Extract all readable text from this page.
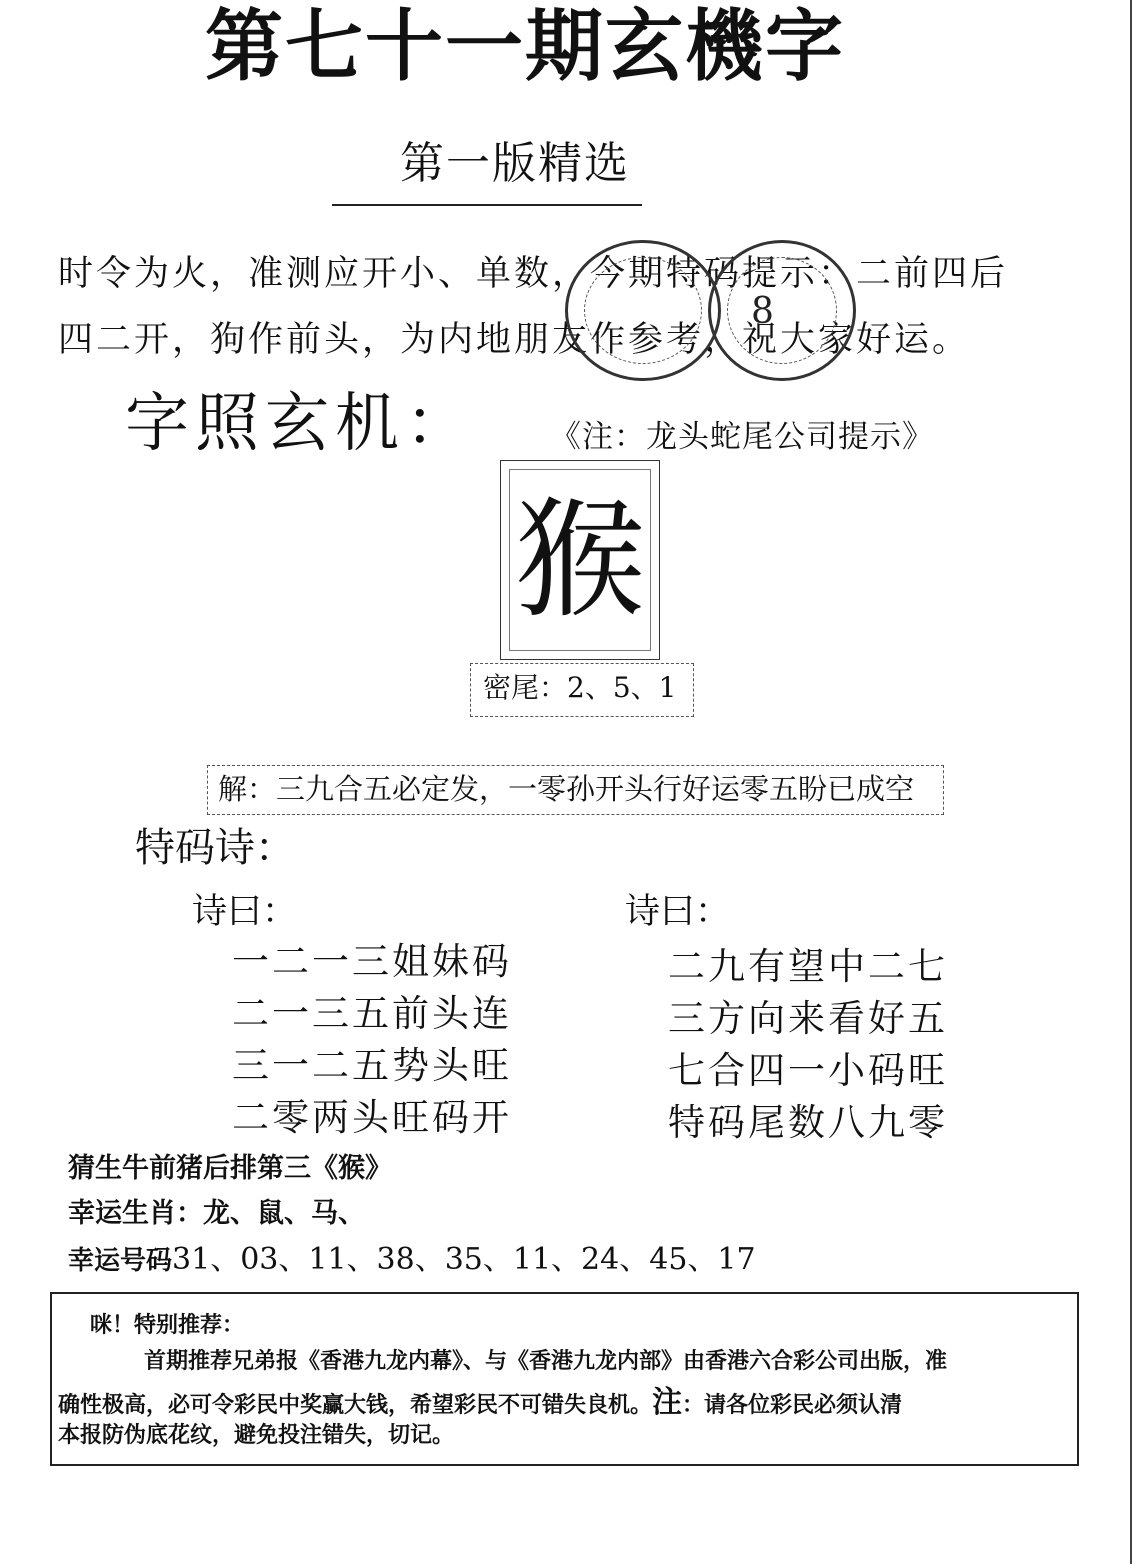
第七十一期玄機字
第一版精选
时令为火，准测应开小、单数，今期特码提示：二前四后
四二开，狗作前头，为内地朋友作参考，祝大家好运。
8
字照玄机： 《注：龙头蛇尾公司提示》
猴
密尾：2、5、1
解：三九合五必定发，一零孙开头行好运零五盼已成空
特码诗：
诗曰：	诗曰：
一二一三姐妹码
二一三五前头连
三一二五势头旺
二零两头旺码开
二九有望中二七
三方向来看好五
七合四一小码旺
特码尾数八九零
猜生牛前猪后排第三《猴》
幸运生肖：龙、鼠、马、
幸运号码31、03、11、38、35、11、24、45、17
咪！特别推荐：
首期推荐兄弟报《香港九龙内幕》、与《香港九龙内部》由香港六合彩公司出版，准
确性极高，必可令彩民中奖赢大钱，希望彩民不可错失良机。注：请各位彩民必须认清
本报防伪底花纹，避免投注错失，切记。
